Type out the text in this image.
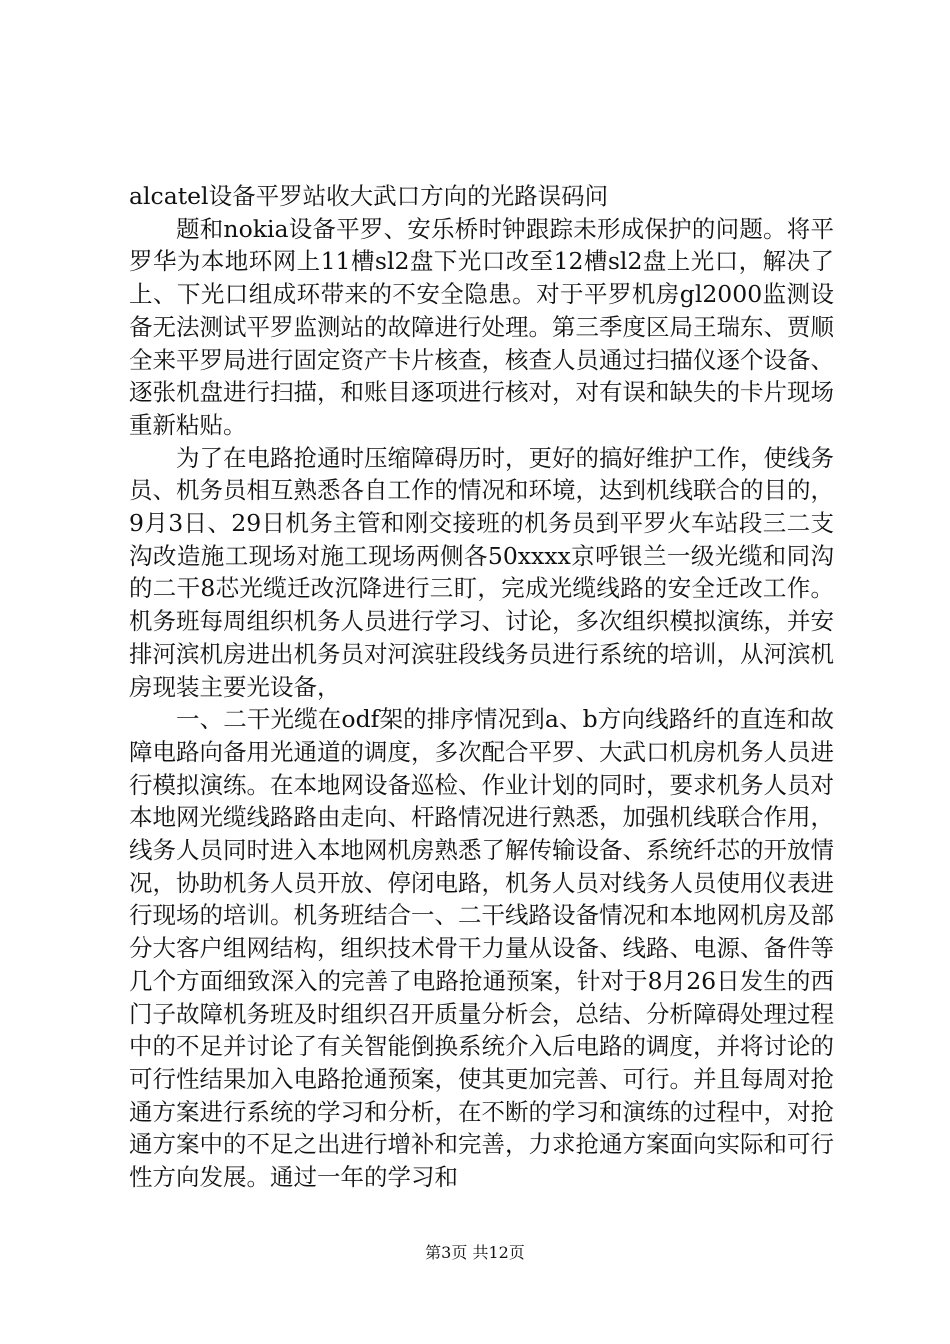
alcatel设备平罗站收大武口方向的光路误码问

题和nokia设备平罗、安乐桥时钟跟踪未形成保护的问题。将平罗华为本地环网上11槽sl2盘下光口改至12槽sl2盘上光口，解决了上、下光口组成环带来的不安全隐患。对于平罗机房gl2000监测设备无法测试平罗监测站的故障进行处理。第三季度区局王瑞东、贾顺全来平罗局进行固定资产卡片核查，核查人员通过扫描仪逐个设备、逐张机盘进行扫描，和账目逐项进行核对，对有误和缺失的卡片现场重新粘贴。

为了在电路抢通时压缩障碍历时，更好的搞好维护工作，使线务员、机务员相互熟悉各自工作的情况和环境，达到机线联合的目的，9月3日、29日机务主管和刚交接班的机务员到平罗火车站段三二支沟改造施工现场对施工现场两侧各50xxxx京呼银兰一级光缆和同沟的二干8芯光缆迁改沉降进行三盯，完成光缆线路的安全迁改工作。机务班每周组织机务人员进行学习、讨论，多次组织模拟演练，并安排河滨机房进出机务员对河滨驻段线务员进行系统的培训，从河滨机房现装主要光设备，

一、二干光缆在odf架的排序情况到a、b方向线路纤的直连和故障电路向备用光通道的调度，多次配合平罗、大武口机房机务人员进行模拟演练。在本地网设备巡检、作业计划的同时，要求机务人员对本地网光缆线路路由走向、杆路情况进行熟悉，加强机线联合作用，线务人员同时进入本地网机房熟悉了解传输设备、系统纤芯的开放情况，协助机务人员开放、停闭电路，机务人员对线务人员使用仪表进行现场的培训。机务班结合一、二干线路设备情况和本地网机房及部分大客户组网结构，组织技术骨干力量从设备、线路、电源、备件等几个方面细致深入的完善了电路抢通预案，针对于8月26日发生的西门子故障机务班及时组织召开质量分析会，总结、分析障碍处理过程中的不足并讨论了有关智能倒换系统介入后电路的调度，并将讨论的可行性结果加入电路抢通预案，使其更加完善、可行。并且每周对抢通方案进行系统的学习和分析，在不断的学习和演练的过程中，对抢通方案中的不足之出进行增补和完善，力求抢通方案面向实际和可行性方向发展。通过一年的学习和

第3页 共12页
